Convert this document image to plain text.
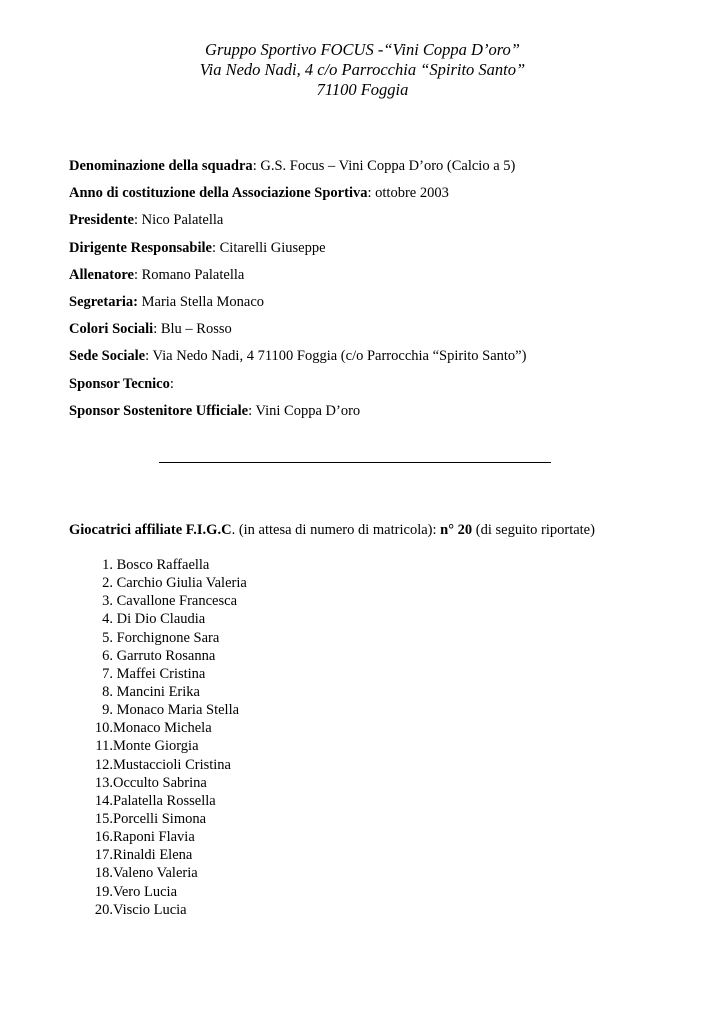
Gruppo Sportivo FOCUS -“Vini Coppa D’oro”
Via Nedo Nadi, 4 c/o Parrocchia “Spirito Santo”
71100 Foggia
Denominazione della squadra: G.S. Focus – Vini Coppa D’oro (Calcio a 5)
Anno di costituzione della Associazione Sportiva: ottobre 2003
Presidente: Nico Palatella
Dirigente Responsabile: Citarelli Giuseppe
Allenatore: Romano Palatella
Segretaria: Maria Stella Monaco
Colori Sociali: Blu – Rosso
Sede Sociale: Via Nedo Nadi, 4 71100 Foggia (c/o Parrocchia “Spirito Santo”)
Sponsor Tecnico:
Sponsor Sostenitore Ufficiale: Vini Coppa D’oro
Giocatrici affiliate F.I.G.C. (in attesa di numero di matricola): n° 20 (di seguito riportate)
1. Bosco Raffaella
2. Carchio Giulia Valeria
3. Cavallone Francesca
4. Di Dio Claudia
5. Forchignone Sara
6. Garruto Rosanna
7. Maffei Cristina
8. Mancini Erika
9. Monaco Maria Stella
10.Monaco Michela
11.Monte Giorgia
12.Mustaccioli Cristina
13.Occulto Sabrina
14.Palatella Rossella
15.Porcelli Simona
16.Raponi Flavia
17.Rinaldi Elena
18.Valeno Valeria
19.Vero Lucia
20.Viscio Lucia
